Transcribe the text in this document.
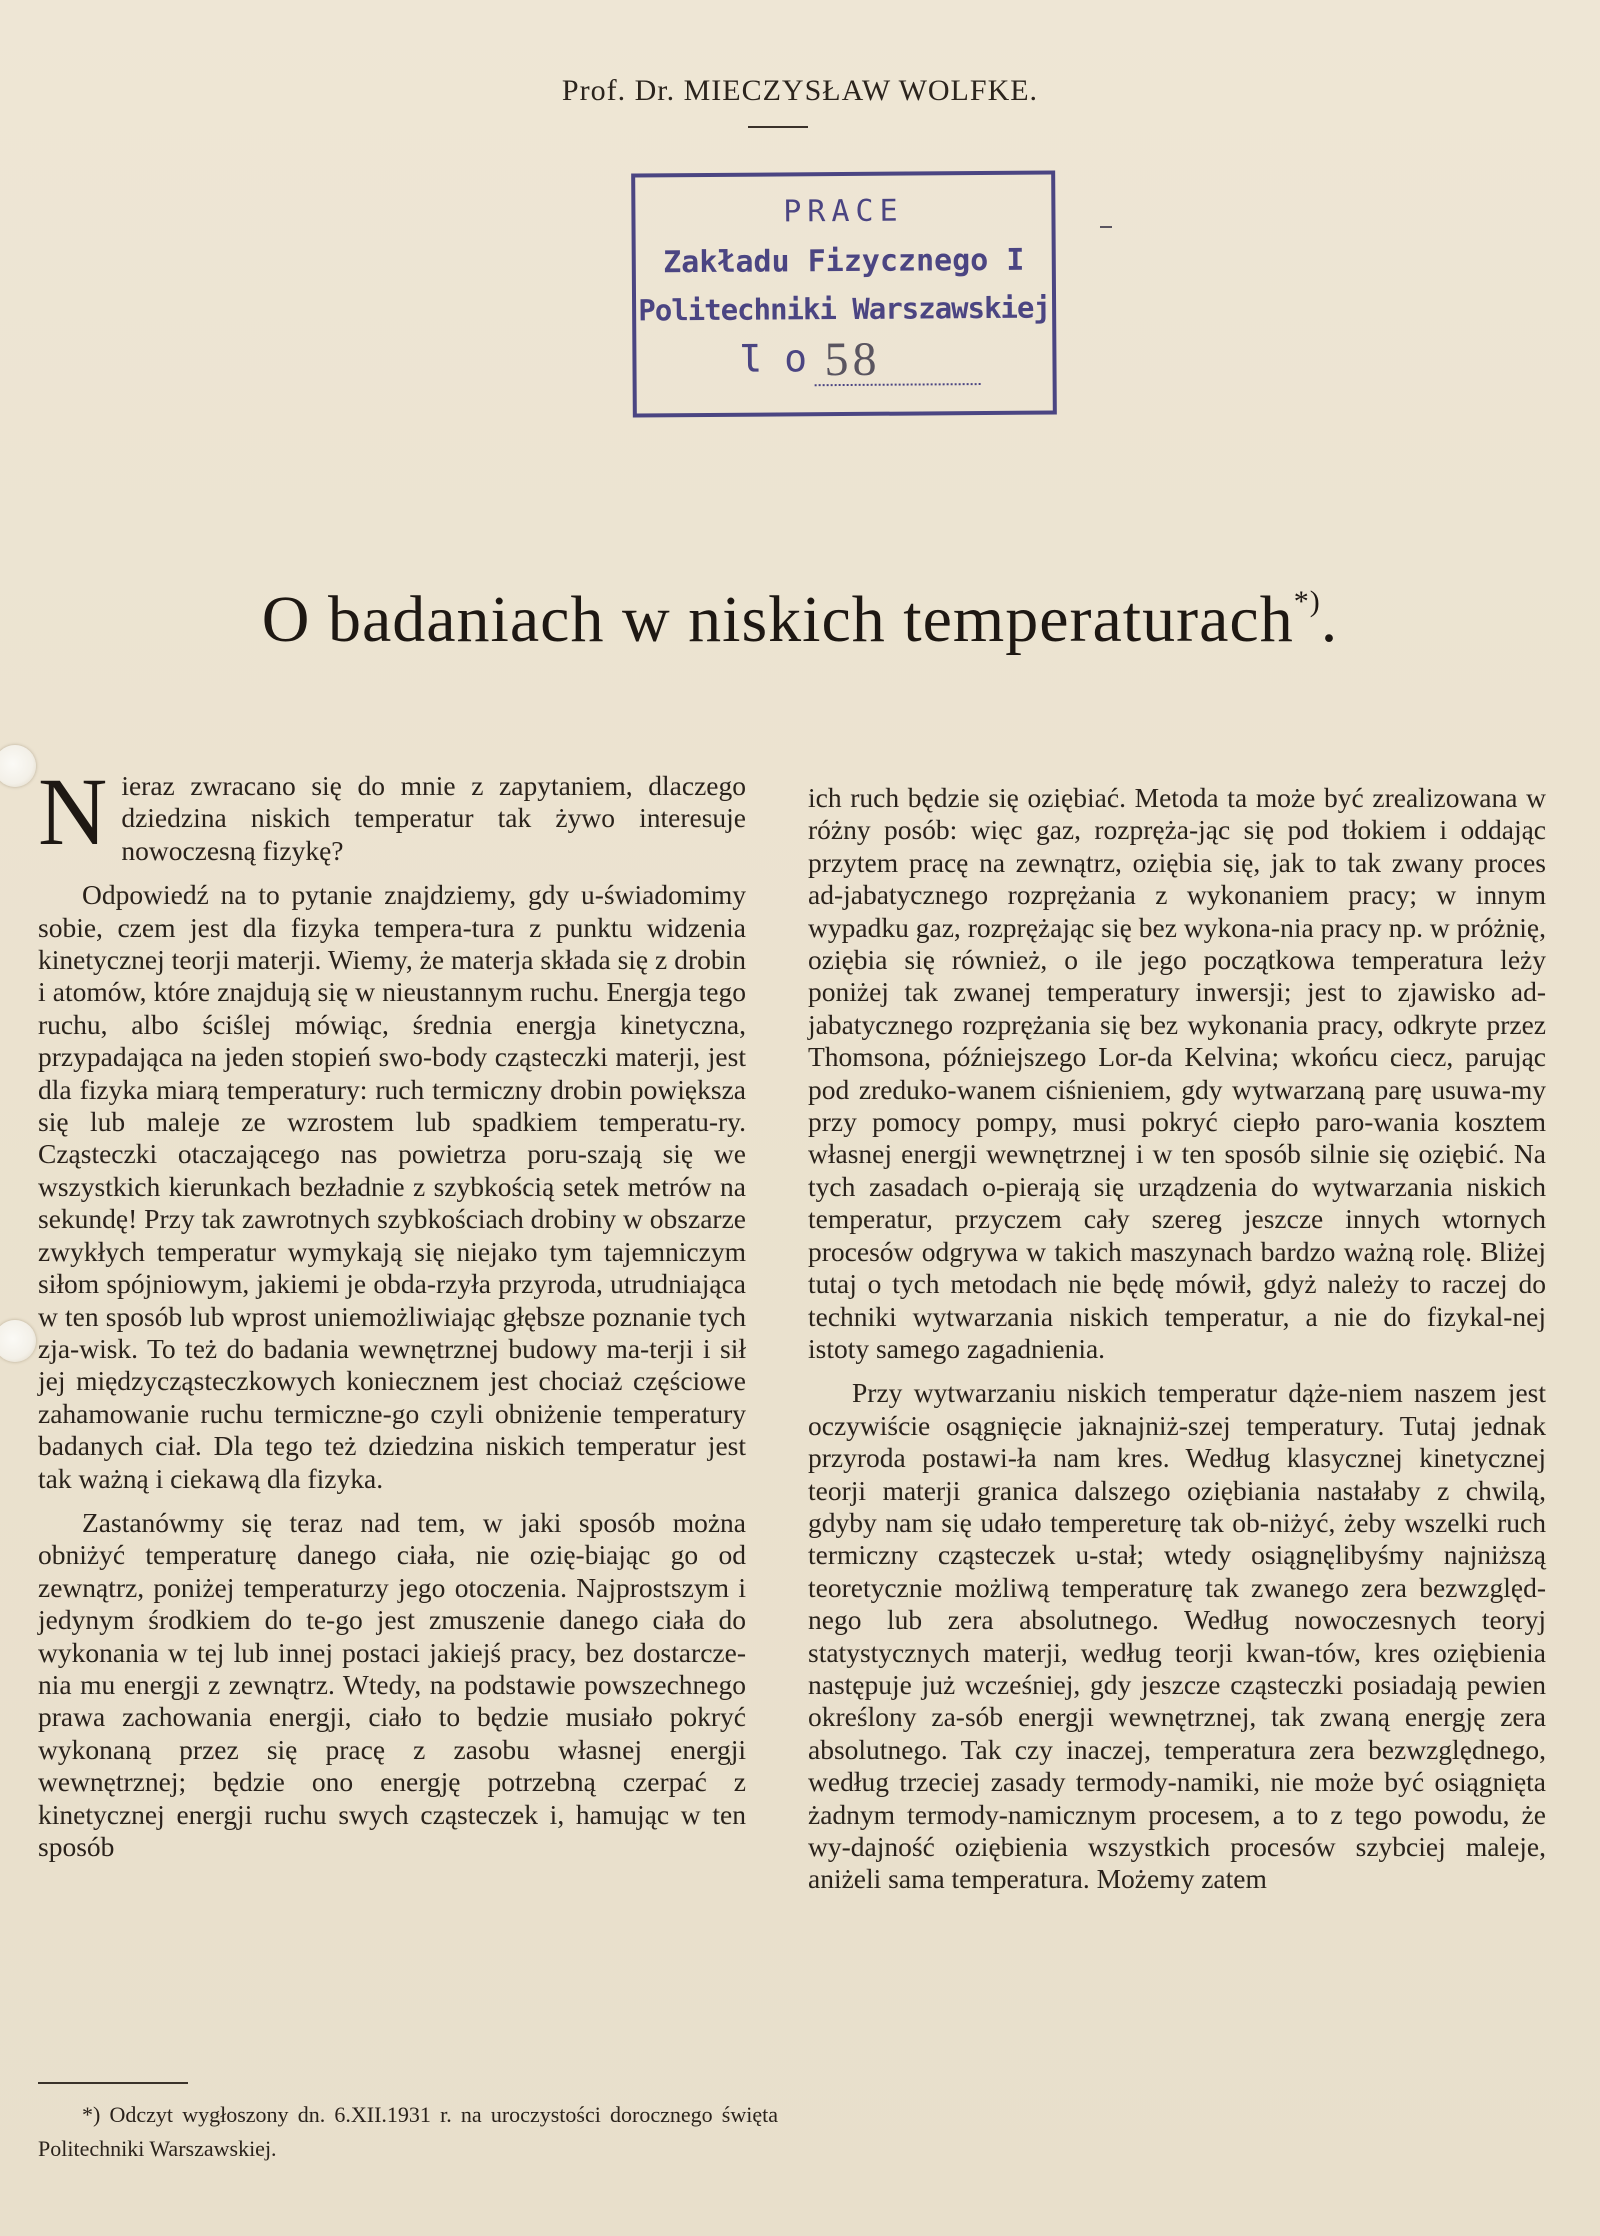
Prof. Dr. MIECZYSŁAW WOLFKE.
PRACE
Zakładu Fizycznego I
Politechniki Warszawskiej
Ɩ o 58
O badaniach w niskich temperaturach*).

Nieraz zwracano się do mnie z zapytaniem, dlaczego dziedzina niskich temperatur tak żywo interesuje nowoczesną fizykę?

Odpowiedź na to pytanie znajdziemy, gdy u-świadomimy sobie, czem jest dla fizyka tempera-tura z punktu widzenia kinetycznej teorji materji. Wiemy, że materja składa się z drobin i atomów, które znajdują się w nieustannym ruchu. Energja tego ruchu, albo ściślej mówiąc, średnia energja kinetyczna, przypadająca na jeden stopień swo-body cząsteczki materji, jest dla fizyka miarą temperatury: ruch termiczny drobin powiększa się lub maleje ze wzrostem lub spadkiem temperatu-ry. Cząsteczki otaczającego nas powietrza poru-szają się we wszystkich kierunkach bezładnie z szybkością setek metrów na sekundę! Przy tak zawrotnych szybkościach drobiny w obszarze zwykłych temperatur wymykają się niejako tym tajemniczym siłom spójniowym, jakiemi je obda-rzyła przyroda, utrudniająca w ten sposób lub wprost uniemożliwiając głębsze poznanie tych zja-wisk. To też do badania wewnętrznej budowy ma-terji i sił jej międzycząsteczkowych koniecznem jest chociaż częściowe zahamowanie ruchu termiczne-go czyli obniżenie temperatury badanych ciał. Dla tego też dziedzina niskich temperatur jest tak ważną i ciekawą dla fizyka.

Zastanówmy się teraz nad tem, w jaki sposób można obniżyć temperaturę danego ciała, nie ozię-biając go od zewnątrz, poniżej temperaturzy jego otoczenia. Najprostszym i jedynym środkiem do te-go jest zmuszenie danego ciała do wykonania w tej lub innej postaci jakiejś pracy, bez dostarcze-nia mu energji z zewnątrz. Wtedy, na podstawie powszechnego prawa zachowania energji, ciało to będzie musiało pokryć wykonaną przez się pracę z zasobu własnej energji wewnętrznej; będzie ono energję potrzebną czerpać z kinetycznej energji ruchu swych cząsteczek i, hamując w ten sposób

ich ruch będzie się oziębiać. Metoda ta może być zrealizowana w różny posób: więc gaz, rozpręża-jąc się pod tłokiem i oddając przytem pracę na zewnątrz, oziębia się, jak to tak zwany proces ad-jabatycznego rozprężania z wykonaniem pracy; w innym wypadku gaz, rozprężając się bez wykona-nia pracy np. w próżnię, oziębia się również, o ile jego początkowa temperatura leży poniżej tak zwanej temperatury inwersji; jest to zjawisko ad-jabatycznego rozprężania się bez wykonania pracy, odkryte przez Thomsona, późniejszego Lor-da Kelvina; wkońcu ciecz, parując pod zreduko-wanem ciśnieniem, gdy wytwarzaną parę usuwa-my przy pomocy pompy, musi pokryć ciepło paro-wania kosztem własnej energji wewnętrznej i w ten sposób silnie się oziębić. Na tych zasadach o-pierają się urządzenia do wytwarzania niskich temperatur, przyczem cały szereg jeszcze innych wtornych procesów odgrywa w takich maszynach bardzo ważną rolę. Bliżej tutaj o tych metodach nie będę mówił, gdyż należy to raczej do techniki wytwarzania niskich temperatur, a nie do fizykal-nej istoty samego zagadnienia.

Przy wytwarzaniu niskich temperatur dąże-niem naszem jest oczywiście osągnięcie jaknajniż-szej temperatury. Tutaj jednak przyroda postawi-ła nam kres. Według klasycznej kinetycznej teorji materji granica dalszego oziębiania nastałaby z chwilą, gdyby nam się udało tempereturę tak ob-niżyć, żeby wszelki ruch termiczny cząsteczek u-stał; wtedy osiągnęlibyśmy najniższą teoretycznie możliwą temperaturę tak zwanego zera bezwzględ-nego lub zera absolutnego. Według nowoczesnych teoryj statystycznych materji, według teorji kwan-tów, kres oziębienia następuje już wcześniej, gdy jeszcze cząsteczki posiadają pewien określony za-sób energji wewnętrznej, tak zwaną energję zera absolutnego. Tak czy inaczej, temperatura zera bezwzględnego, według trzeciej zasady termody-namiki, nie może być osiągnięta żadnym termody-namicznym procesem, a to z tego powodu, że wy-dajność oziębienia wszystkich procesów szybciej maleje, aniżeli sama temperatura. Możemy zatem

*) Odczyt wygłoszony dn. 6.XII.1931 r. na uroczystości dorocznego święta Politechniki Warszawskiej.
